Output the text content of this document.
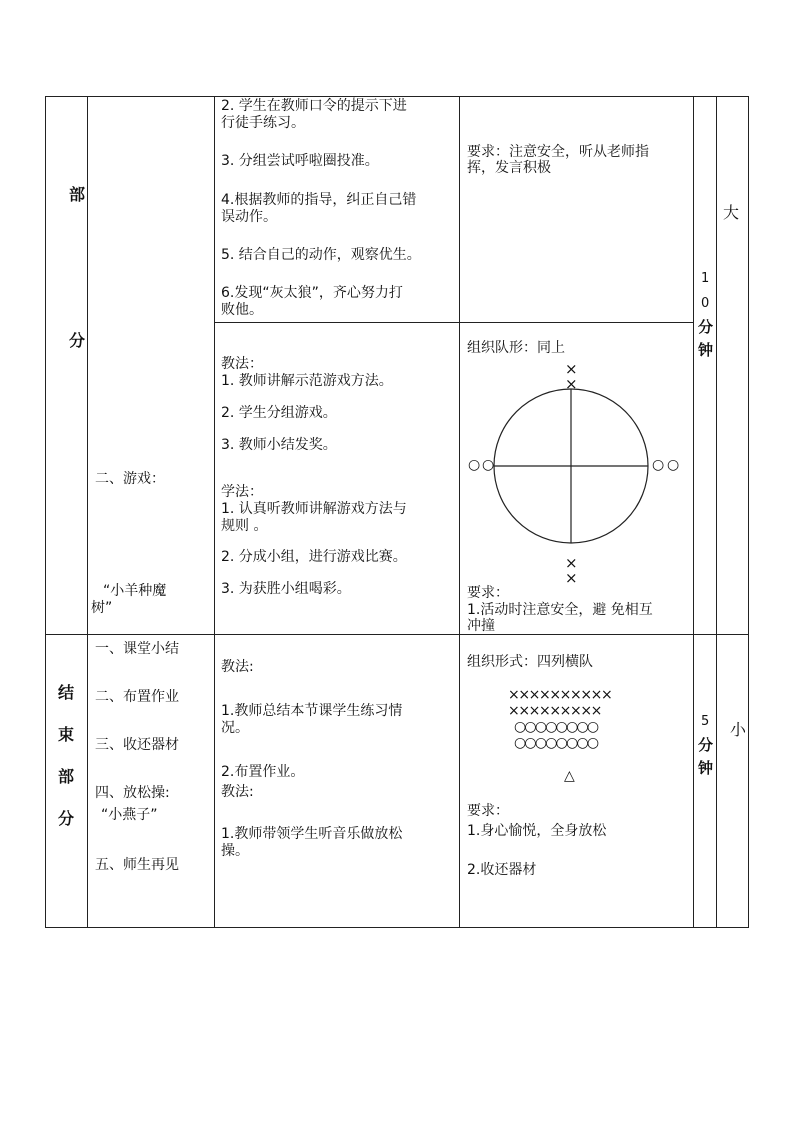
部
分
二、游戏：
“小羊种魔
树”
2. 学生在教师口令的提示下进
行徒手练习。
3. 分组尝试呼啦圈投准。
4.根据教师的指导，纠正自己错
误动作。
5. 结合自己的动作，观察优生。
6.发现“灰太狼”，齐心努力打
败他。
要求：注意安全，听从老师指
挥，发言积极
教法：
1. 教师讲解示范游戏方法。
2. 学生分组游戏。
3. 教师小结发奖。
学法：
1. 认真听教师讲解游戏方法与
规则 。
2. 分成小组，进行游戏比赛。
3. 为获胜小组喝彩。
组织队形：同上
要求：
1.活动时注意安全，避 免相互
冲撞
×
×
×
×
○ ○	○ ○
1
0
分
钟
大
结
束
部
分
一、课堂小结
二、布置作业
三、收还器材
四、放松操:
“小燕子”
五、师生再见
教法:
1.教师总结本节课学生练习情
况。
2.布置作业。
教法:
1.教师带领学生听音乐做放松
操。
组织形式：四列横队
××××××××××
×××××××××
○○○○○○○○
○○○○○○○○
△
要求：
1.身心愉悦，全身放松
2.收还器材
5
分
钟
小
